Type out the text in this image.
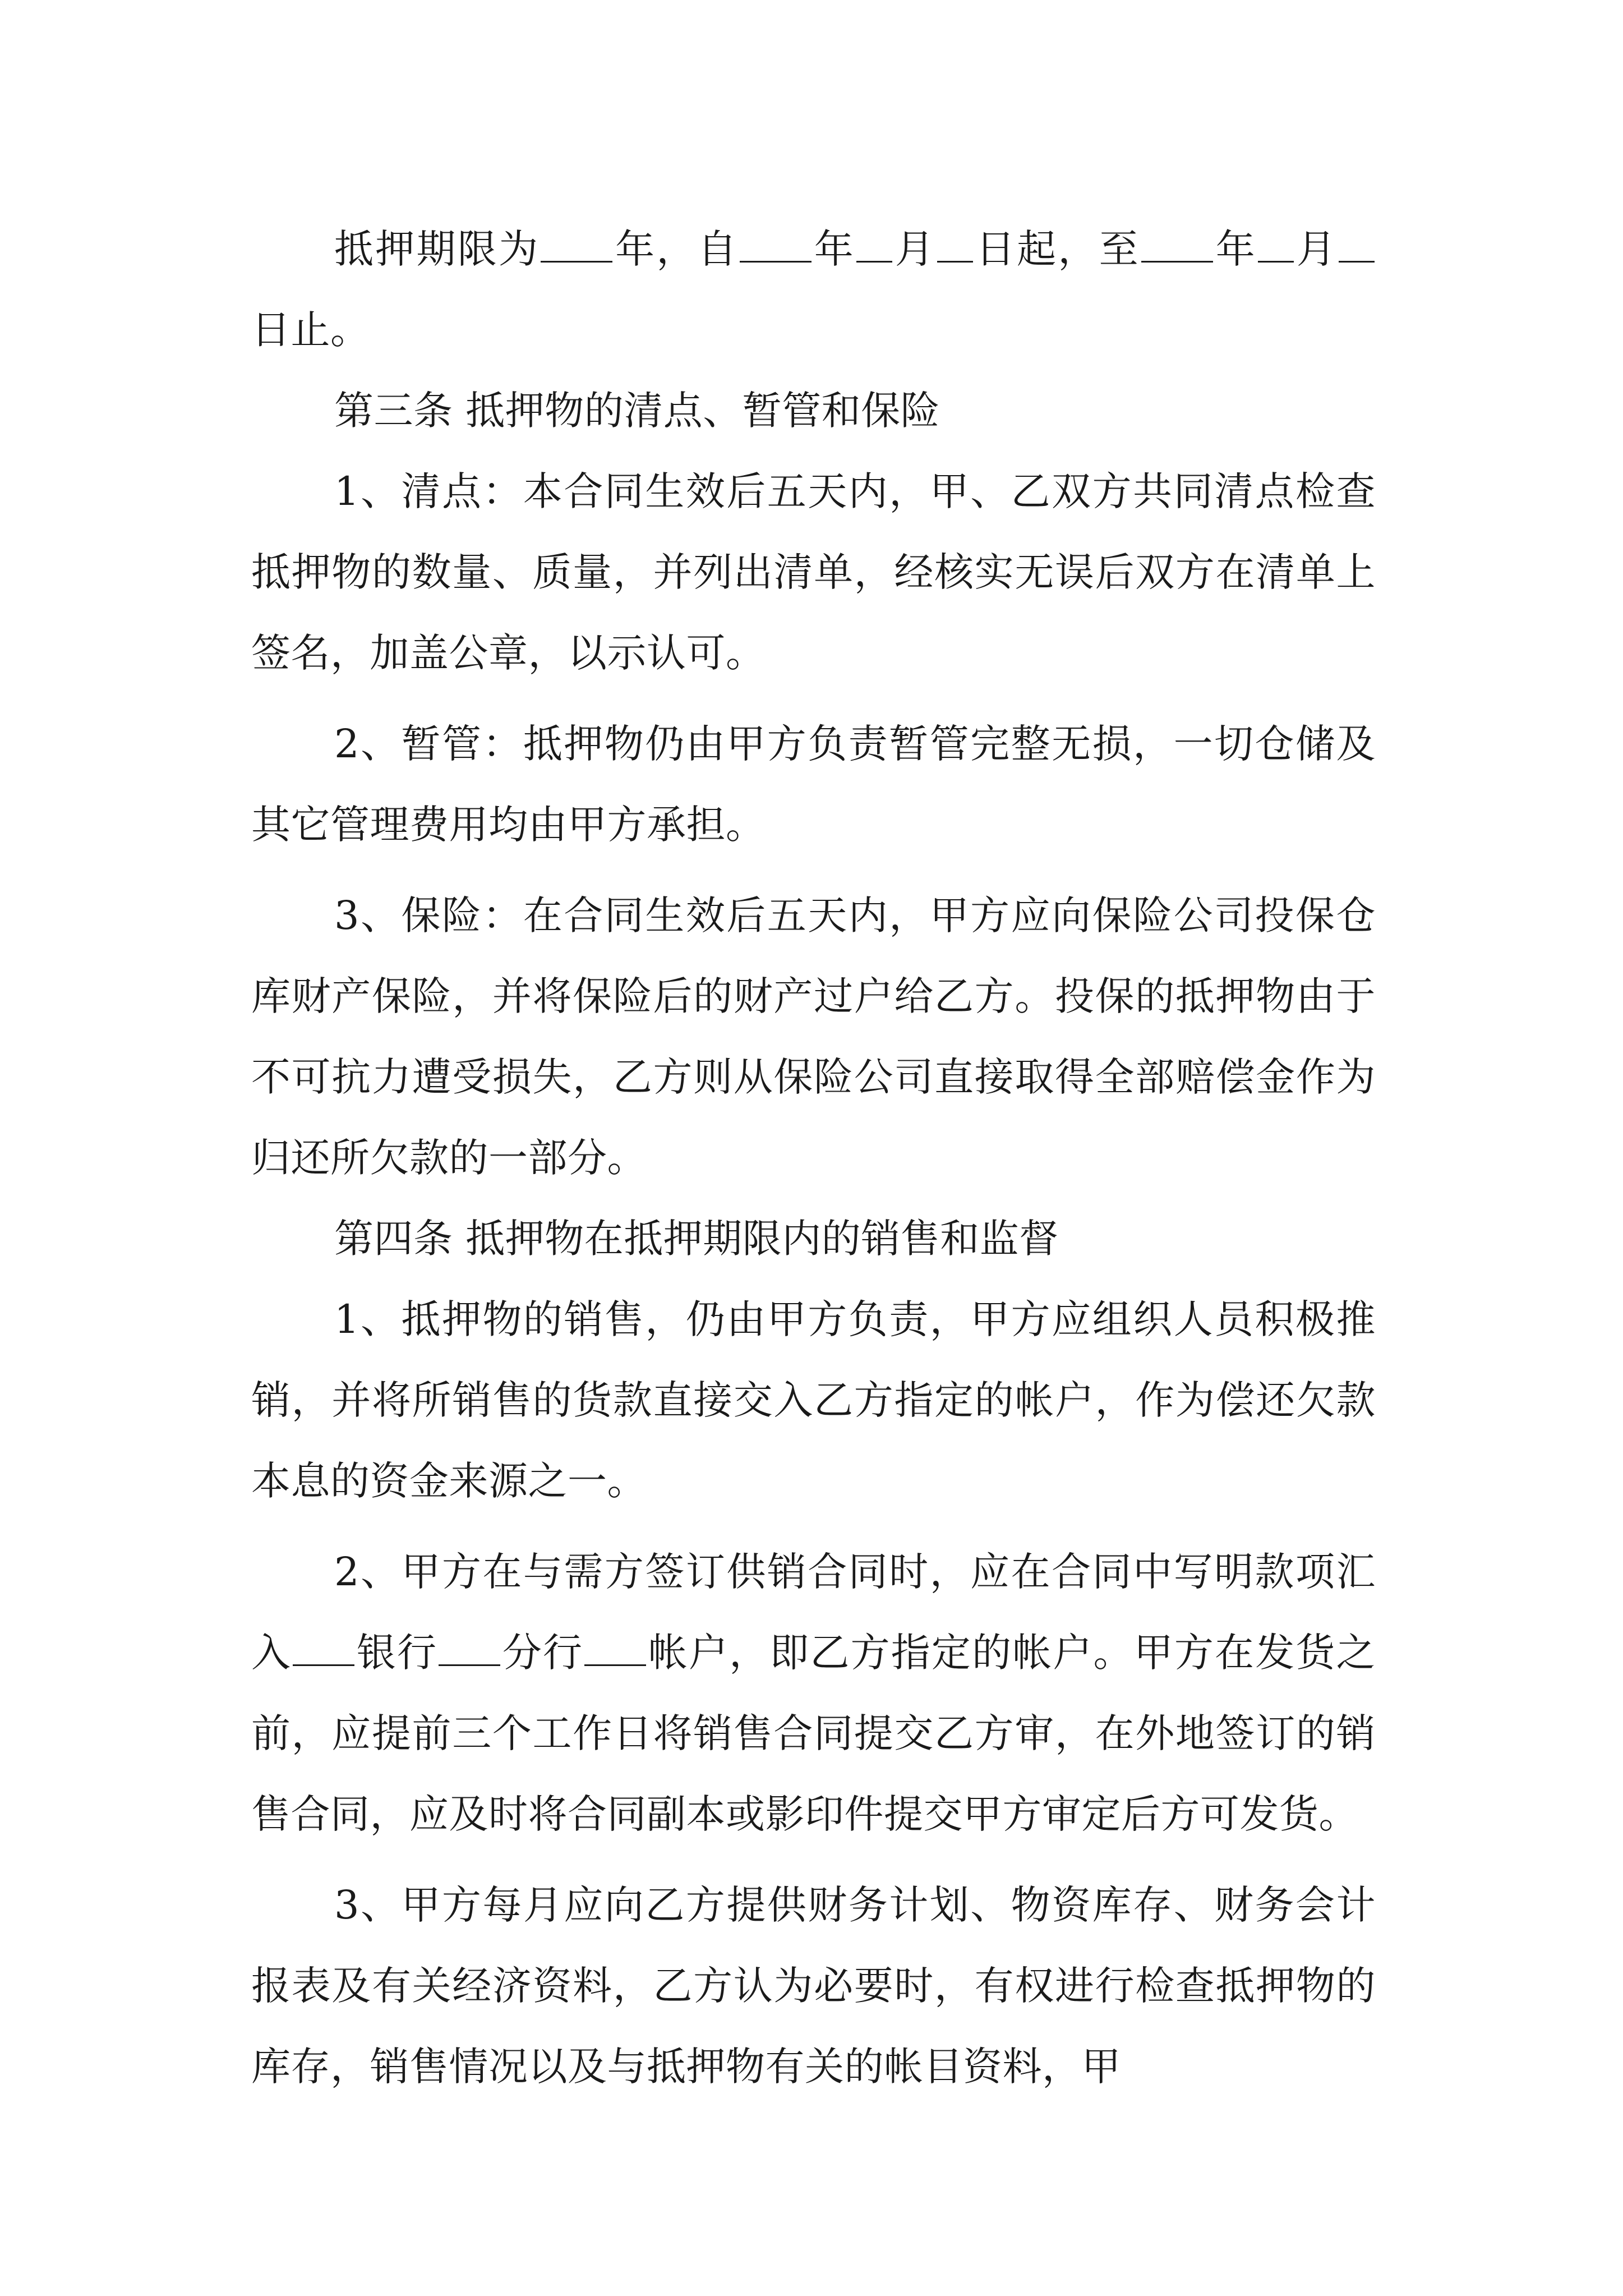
抵押期限为 年，自 年 月 日起，至 年 月日止。

第三条 抵押物的清点、暂管和保险

1、清点：本合同生效后五天内，甲、乙双方共同清点检查抵押物的数量、质量，并列出清单，经核实无误后双方在清单上签名，加盖公章，以示认可。

2、暂管：抵押物仍由甲方负责暂管完整无损，一切仓储及其它管理费用均由甲方承担。

3、保险：在合同生效后五天内，甲方应向保险公司投保仓库财产保险，并将保险后的财产过户给乙方。投保的抵押物由于不可抗力遭受损失，乙方则从保险公司直接取得全部赔偿金作为归还所欠款的一部分。

第四条 抵押物在抵押期限内的销售和监督

1、抵押物的销售，仍由甲方负责，甲方应组织人员积极推销，并将所销售的货款直接交入乙方指定的帐户，作为偿还欠款本息的资金来源之一。

2、甲方在与需方签订供销合同时，应在合同中写明款项汇入 银行 分行 帐户，即乙方指定的帐户。甲方在发货之前，应提前三个工作日将销售合同提交乙方审，在外地签订的销售合同，应及时将合同副本或影印件提交甲方审定后方可发货。

3、甲方每月应向乙方提供财务计划、物资库存、财务会计报表及有关经济资料，乙方认为必要时，有权进行检查抵押物的库存，销售情况以及与抵押物有关的帐目资料，甲
